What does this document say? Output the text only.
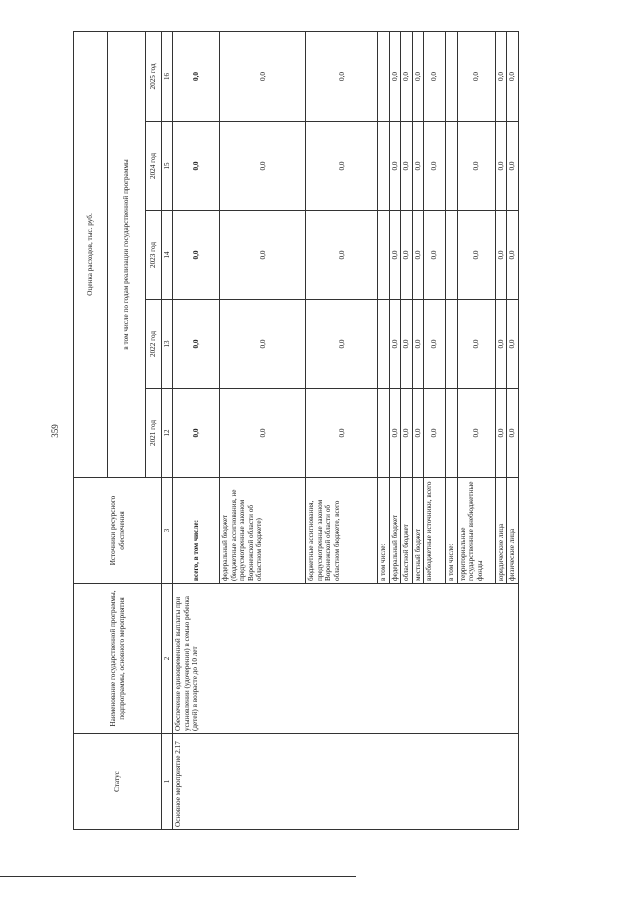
359
Статус	Наименование государственной программы, подпрограммы, основного мероприятия	Источники ресурсного обеспечения	Оценка расходов, тыс. руб.				
			в том числе по годам реализации государственной программы				
			2021 год	2022 год	2023 год	2024 год	2025 год
1	2	3	12	13	14	15	16
Основное мероприятие 2.17	Обеспечение единовременной выплаты при усыновлении (удочерении) в семью ребенка (детей) в возрасте до 10 лет	всего, в том числе:	0,0	0,0	0,0	0,0	0,0
		федеральный бюджет (бюджетные ассигнования, не предусмотренные законом Воронежской области об областном бюджете)	0,0	0,0	0,0	0,0	0,0
		бюджетные ассигнования, предусмотренные законом Воронежской области об областном бюджете, всего	0,0	0,0	0,0	0,0	0,0
		в том числе:					
		федеральный бюджет	0,0	0,0	0,0	0,0	0,0
		областной бюджет	0,0	0,0	0,0	0,0	0,0
		местный бюджет	0,0	0,0	0,0	0,0	0,0
		внебюджетные источники, всего	0,0	0,0	0,0	0,0	0,0
		в том числе:					
		территориальные государственные внебюджетные фонды	0,0	0,0	0,0	0,0	0,0
		юридические лица	0,0	0,0	0,0	0,0	0,0
		физические лица	0,0	0,0	0,0	0,0	0,0
